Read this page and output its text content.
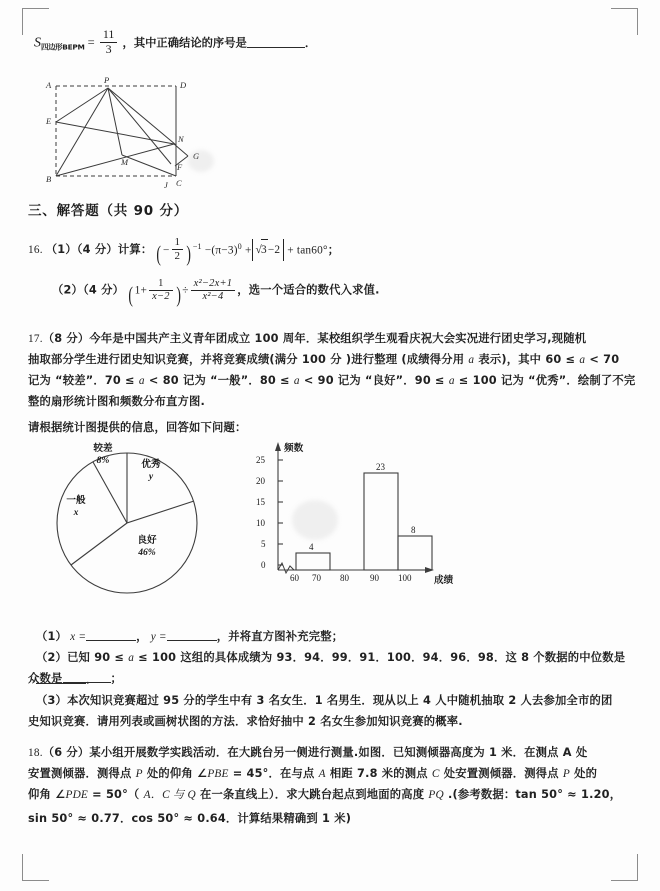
$S_{四边形BEPM} = \frac{11}{3}$ ，其中正确结论的序号是	．
A	P	D
E
N
G
M	F
B	C
J
三、解答题（共 90 分）
16. （1）（4 分）计算： (− $\frac{1}{2} )^{-1} -(\pi-3)^0 + √3-2 + \tan 60^\circ$；
（2）（4 分） ($1+ \frac{1}{x-2}$ )÷ $\frac{\text{x²−2x+1}}{\text{x²−4}}$ ，选一个适合的数代入求值.
17.（8 分）今年是中国共产主义青年团成立 100 周年．某校组织学生观看庆祝大会实况进行团史学习,现随机
抽取部分学生进行团史知识竞赛，并将竞赛成绩(满分 100 分 )进行整理 (成绩得分用 a 表示)，其中 60 ≤ a < 70
记为 “较差”．70 ≤ a < 80 记为 “一般”．80 ≤ a < 90 记为 “良好”．90 ≤ a ≤ 100 记为 “优秀”．绘制了不完
整的扇形统计图和频数分布直方图.
请根据统计图提供的信息，回答如下问题：
较差
8%	优秀
y
良好
46%
一般
x
0
5
10
15
20
25
60 70 80 90 100
4
23
8
频数
成绩
（1） x =	， y =	，并将直方图补充完整；
（2）已知 90 ≤ a ≤ 100 这组的具体成绩为 93．94．99．91．100．94．96．98．这 8 个数据的中位数是．
众数是	；
（3）本次知识竞赛超过 95 分的学生中有 3 名女生．1 名男生．现从以上 4 人中随机抽取 2 人去参加全市的团
史知识竞赛．请用列表或画树状图的方法．求恰好抽中 2 名女生参加知识竞赛的概率.
18.（6 分）某小组开展数学实践活动．在大跳台另一侧进行测量.如图．已知测倾器高度为 1 米．在测点 A 处
安置测倾器．测得点 P 处的仰角 ∠PBE = 45°．在与点 A 相距 7.8 米的测点 C 处安置测倾器．测得点 P 处的
仰角 ∠PDE = 50°（ A．C 与 Q 在一条直线上）．求大跳台起点到地面的高度 PQ .(参考数据：tan 50° ≈ 1.20，
sin 50° ≈ 0.77．cos 50° ≈ 0.64．计算结果精确到 1 米)
